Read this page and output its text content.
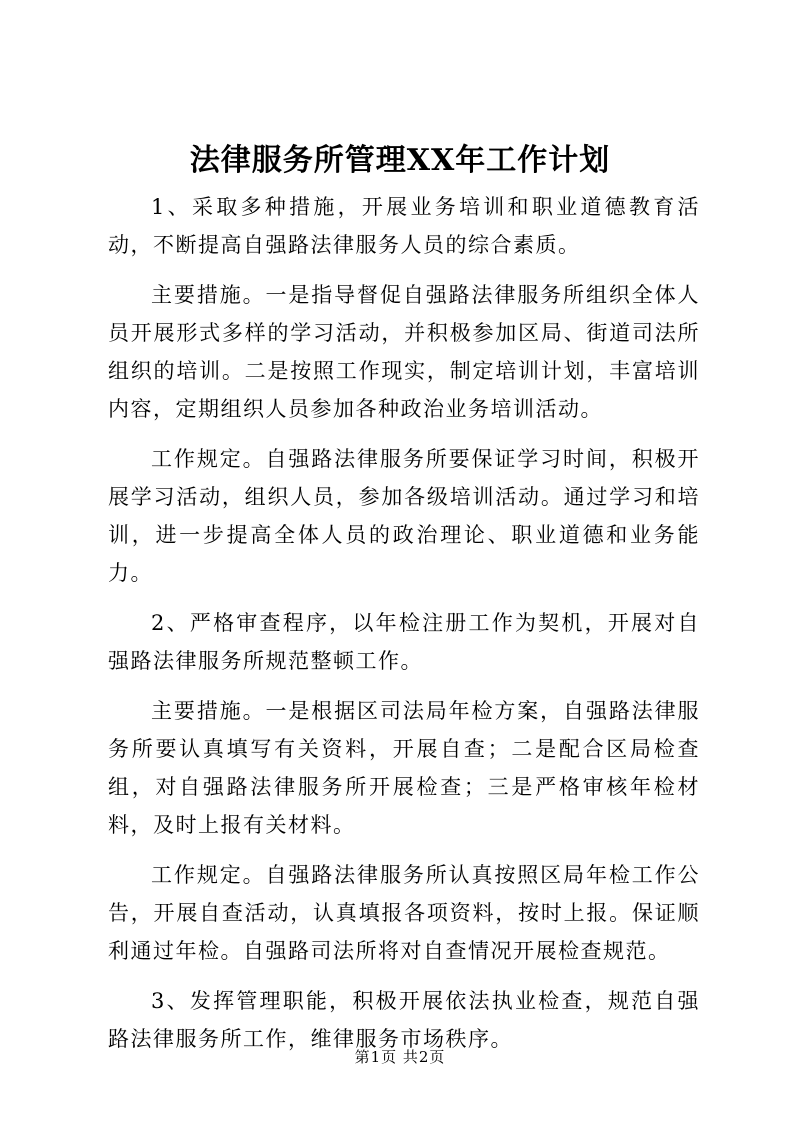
法律服务所管理XX年工作计划

1、采取多种措施，开展业务培训和职业道德教育活动，不断提高自强路法律服务人员的综合素质。

主要措施。一是指导督促自强路法律服务所组织全体人员开展形式多样的学习活动，并积极参加区局、街道司法所组织的培训。二是按照工作现实，制定培训计划，丰富培训内容，定期组织人员参加各种政治业务培训活动。

工作规定。自强路法律服务所要保证学习时间，积极开展学习活动，组织人员，参加各级培训活动。通过学习和培训，进一步提高全体人员的政治理论、职业道德和业务能力。

2、严格审查程序，以年检注册工作为契机，开展对自强路法律服务所规范整顿工作。

主要措施。一是根据区司法局年检方案，自强路法律服务所要认真填写有关资料，开展自查；二是配合区局检查组，对自强路法律服务所开展检查；三是严格审核年检材料，及时上报有关材料。

工作规定。自强路法律服务所认真按照区局年检工作公告，开展自查活动，认真填报各项资料，按时上报。保证顺利通过年检。自强路司法所将对自查情况开展检查规范。

3、发挥管理职能，积极开展依法执业检查，规范自强路法律服务所工作，维律服务市场秩序。

第1页 共2页
